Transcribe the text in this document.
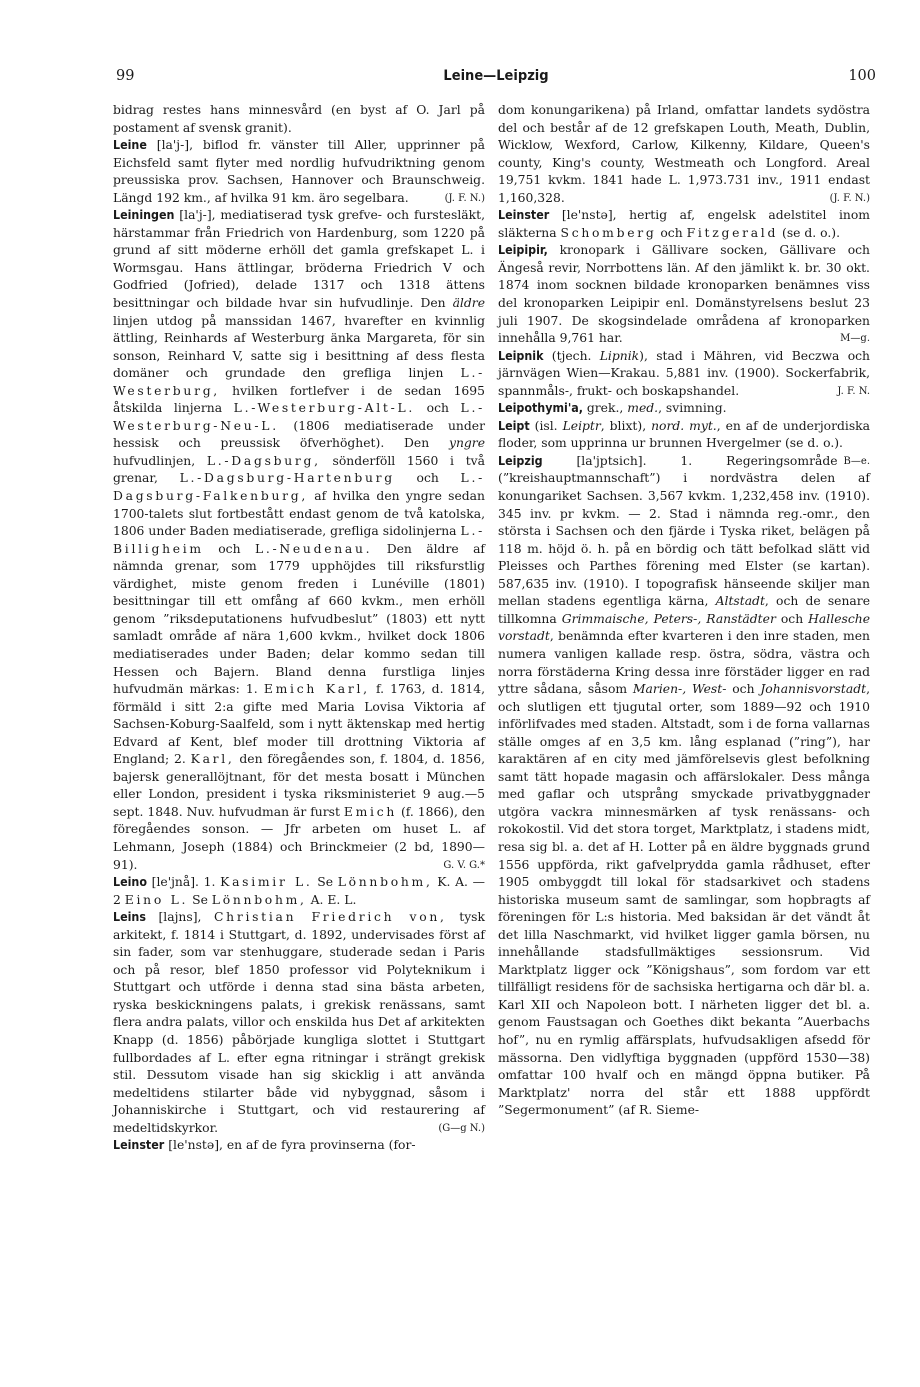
99	Leine—Leipzig	100

bidrag restes hans minnesvård (en byst af O. Jarl på postament af svensk granit).

Leine [la'j-], biflod fr. vänster till Aller, upprinner på Eichsfeld samt flyter med nordlig hufvudriktning genom preussiska prov. Sachsen, Hannover och Braunschweig. Längd 192 km., af hvilka 91 km. äro segelbara.	(J. F. N.)

Leiningen [la'j-], mediatiserad tysk grefve- och furstesläkt, härstammar från Friedrich von Hardenburg, som 1220 på grund af sitt möderne erhöll det gamla grefskapet L. i Wormsgau. Hans ättlingar, bröderna Friedrich V och Godfried (Jofried), delade 1317 och 1318 ättens besittningar och bildade hvar sin hufvudlinje. Den äldre linjen utdog på manssidan 1467, hvarefter en kvinnlig ättling, Reinhards af Westerburg änka Margareta, för sin sonson, Reinhard V, satte sig i besittning af dess flesta domäner och grundade den grefliga linjen L.-Westerburg, hvilken fortlefver i de sedan 1695 åtskilda linjerna L.-Westerburg-Alt-L. och L.-Westerburg-Neu-L. (1806 mediatiserade under hessisk och preussisk öfverhöghet). Den yngre hufvudlinjen, L.-Dagsburg, sönderföll 1560 i två grenar, L.-Dagsburg-Hartenburg och L.-Dagsburg-Falkenburg, af hvilka den yngre sedan 1700-talets slut fortbestått endast genom de två katolska, 1806 under Baden mediatiserade, grefliga sidolinjerna L.-Billigheim och L.-Neudenau. Den äldre af nämnda grenar, som 1779 upphöjdes till riksfurstlig värdighet, miste genom freden i Lunéville (1801) besittningar till ett omfång af 660 kvkm., men erhöll genom ”riksdeputationens hufvudbeslut” (1803) ett nytt samladt område af nära 1,600 kvkm., hvilket dock 1806 mediatiserades under Baden; delar kommo sedan till Hessen och Bajern. Bland denna furstliga linjes hufvudmän märkas: 1. Emich Karl, f. 1763, d. 1814, förmäld i sitt 2:a gifte med Maria Lovisa Viktoria af Sachsen-Koburg-Saalfeld, som i nytt äktenskap med hertig Edvard af Kent, blef moder till drottning Viktoria af England; 2. Karl, den föregåendes son, f. 1804, d. 1856, bajersk generallöjtnant, för det mesta bosatt i München eller London, president i tyska riksministeriet 9 aug.—5 sept. 1848. Nuv. hufvudman är furst Emich (f. 1866), den föregåendes sonson. — Jfr arbeten om huset L. af Lehmann, Joseph (1884) och Brinckmeier (2 bd, 1890—91).	G. V. G.*

Leino [le'jnå]. 1. Kasimir L. Se Lönnbohm, K. A. — 2 Eino L. Se Lönnbohm, A. E. L.

Leins [lajns], Christian Friedrich von, tysk arkitekt, f. 1814 i Stuttgart, d. 1892, undervisades först af sin fader, som var stenhuggare, studerade sedan i Paris och på resor, blef 1850 professor vid Polyteknikum i Stuttgart och utförde i denna stad sina bästa arbeten, ryska beskickningens palats, i grekisk renässans, samt flera andra palats, villor och enskilda hus Det af arkitekten Knapp (d. 1856) påbörjade kungliga slottet i Stuttgart fullbordades af L. efter egna ritningar i strängt grekisk stil. Dessutom visade han sig skicklig i att använda medeltidens stilarter både vid nybyggnad, såsom i Johanniskirche i Stuttgart, och vid restaurering af medeltidskyrkor.	(G—g N.)

Leinster [le'nstə], en af de fyra provinserna (for-

dom konungarikena) på Irland, omfattar landets sydöstra del och består af de 12 grefskapen Louth, Meath, Dublin, Wicklow, Wexford, Carlow, Kilkenny, Kildare, Queen's county, King's county, Westmeath och Longford. Areal 19,751 kvkm. 1841 hade L. 1,973.731 inv., 1911 endast 1,160,328.	(J. F. N.)

Leinster [le'nstə], hertig af, engelsk adelstitel inom släkterna Schomberg och Fitzgerald (se d. o.).

Leipipir, kronopark i Gällivare socken, Gällivare och Ängeså revir, Norrbottens län. Af den jämlikt k. br. 30 okt. 1874 inom socknen bildade kronoparken benämnes viss del kronoparken Leipipir enl. Domänstyrelsens beslut 23 juli 1907. De skogsindelade områdena af kronoparken innehålla 9,761 har.	M—g.

Leipnik (tjech. Lipnik), stad i Mähren, vid Beczwa och järnvägen Wien—Krakau. 5,881 inv. (1900). Sockerfabrik, spannmåls-, frukt- och boskapshandel.	J. F. N.

Leipothymi'a, grek., med., svimning.

Leipt (isl. Leiptr, blixt), nord. myt., en af de underjordiska floder, som upprinna ur brunnen Hvergelmer (se d. o.).
B—e.

Leipzig [la'jptsich]. 1. Regeringsområde (”kreishauptmannschaft”) i nordvästra delen af konungariket Sachsen. 3,567 kvkm. 1,232,458 inv. (1910). 345 inv. pr kvkm. — 2. Stad i nämnda reg.-omr., den största i Sachsen och den fjärde i Tyska riket, belägen på 118 m. höjd ö. h. på en bördig och tätt befolkad slätt vid Pleisses och Parthes förening med Elster (se kartan). 587,635 inv. (1910). I topografisk hänseende skiljer man mellan stadens egentliga kärna, Altstadt, och de senare tillkomna Grimmaische, Peters-, Ranstädter och Hallesche vorstadt, benämnda efter kvarteren i den inre staden, men numera vanligen kallade resp. östra, södra, västra och norra förstäderna Kring dessa inre förstäder ligger en rad yttre sådana, såsom Marien-, West- och Johannisvorstadt, och slutligen ett tjugutal orter, som 1889—92 och 1910 införlifvades med staden. Altstadt, som i de forna vallarnas ställe omges af en 3,5 km. lång esplanad (”ring”), har karaktären af en city med jämförelsevis glest befolkning samt tätt hopade magasin och affärslokaler. Dess många med gaflar och utsprång smyckade privatbyggnader utgöra vackra minnesmärken af tysk renässans- och rokokostil. Vid det stora torget, Marktplatz, i stadens midt, resa sig bl. a. det af H. Lotter på en äldre byggnads grund 1556 uppförda, rikt gafvelprydda gamla rådhuset, efter 1905 ombyggdt till lokal för stadsarkivet och stadens historiska museum samt de samlingar, som hopbragts af föreningen för L:s historia. Med baksidan är det vändt åt det lilla Naschmarkt, vid hvilket ligger gamla börsen, nu innehållande stadsfullmäktiges sessionsrum. Vid Marktplatz ligger ock ”Königshaus”, som fordom var ett tillfälligt residens för de sachsiska hertigarna och där bl. a. Karl XII och Napoleon bott. I närheten ligger det bl. a. genom Faustsagan och Goethes dikt bekanta ”Auerbachs hof”, nu en rymlig affärsplats, hufvudsakligen afsedd för mässorna. Den vidlyftiga byggnaden (uppförd 1530—38) omfattar 100 hvalf och en mängd öppna butiker. På Marktplatz' norra del står ett 1888 uppfördt ”Segermonument” (af R. Sieme-
